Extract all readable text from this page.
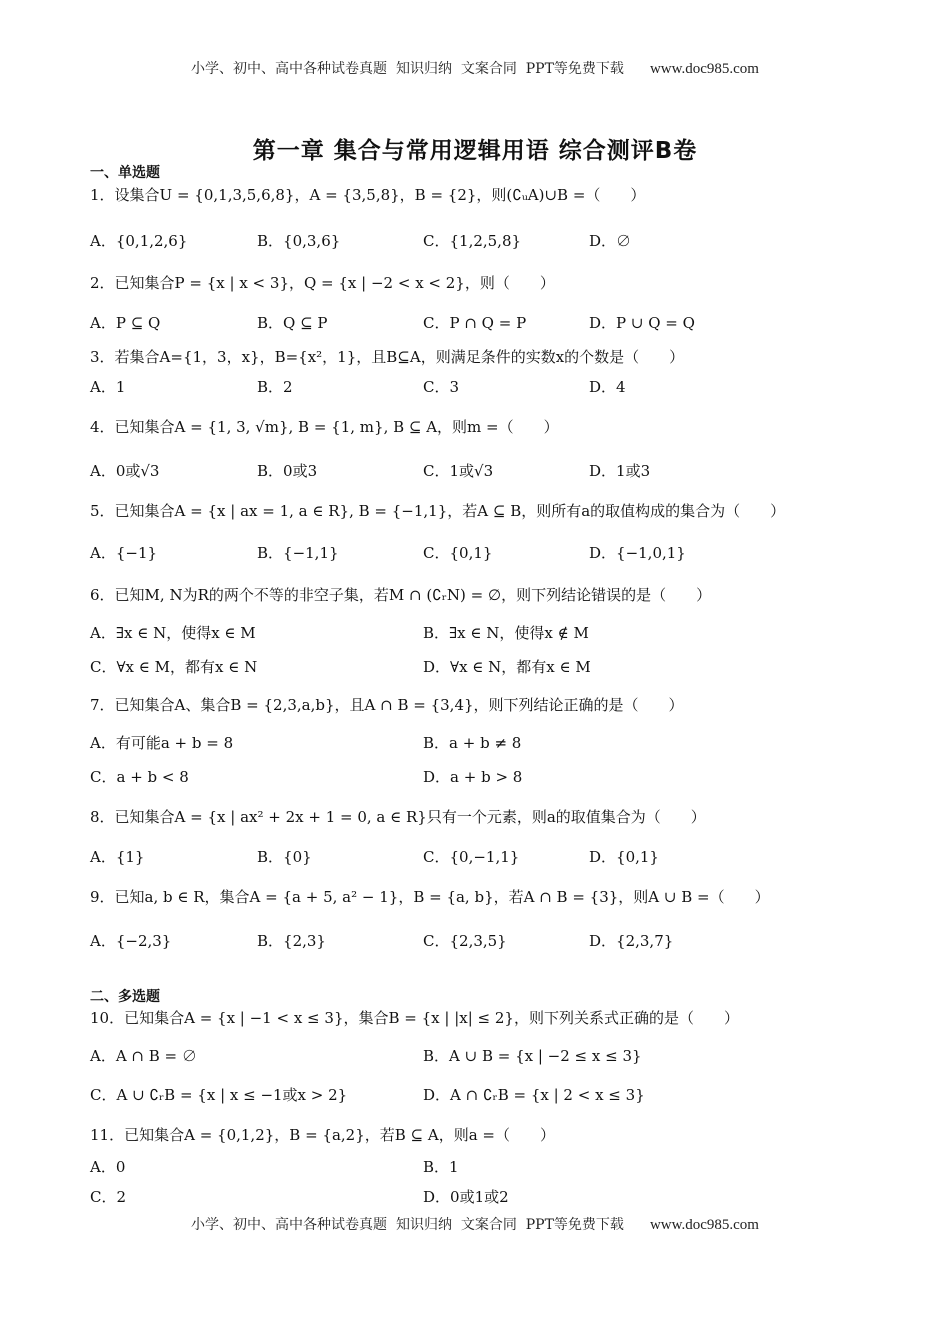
小学、初中、高中各种试卷真题  知识归纳  文案合同  PPT等免费下载 www.doc985.com
第一章 集合与常用逻辑用语 综合测评B卷
一、单选题
1．设集合U = {0,1,3,5,6,8}，A = {3,5,8}，B = {2}，则(∁ᵤA)∪B =（　　）
A．{0,1,2,6}	B．{0,3,6}	C．{1,2,5,8}	D．∅
2．已知集合P = {x | x < 3}，Q = {x | −2 < x < 2}，则（　　）
A．P ⊆ Q	B．Q ⊆ P	C．P ∩ Q = P	D．P ∪ Q = Q
3．若集合A={1，3，x}，B={x²，1}，且B⊆A，则满足条件的实数x的个数是（　　）
A．1	B．2	C．3	D．4
4．已知集合A = {1, 3, √m}, B = {1, m}, B ⊆ A，则m =（　　）
A．0或√3	B．0或3	C．1或√3	D．1或3
5．已知集合A = {x | ax = 1, a ∈ R}, B = {−1,1}，若A ⊆ B，则所有a的取值构成的集合为（　　）
A．{−1}	B．{−1,1}	C．{0,1}	D．{−1,0,1}
6．已知M, N为R的两个不等的非空子集，若M ∩ (∁ᵣN) = ∅，则下列结论错误的是（　　）
A．∃x ∈ N，使得x ∈ M	B．∃x ∈ N，使得x ∉ M
C．∀x ∈ M，都有x ∈ N	D．∀x ∈ N，都有x ∈ M
7．已知集合A、集合B = {2,3,a,b}，且A ∩ B = {3,4}，则下列结论正确的是（　　）
A．有可能a + b = 8	B．a + b ≠ 8
C．a + b < 8	D．a + b > 8
8．已知集合A = {x | ax² + 2x + 1 = 0, a ∈ R}只有一个元素，则a的取值集合为（　　）
A．{1}	B．{0}	C．{0,−1,1}	D．{0,1}
9．已知a, b ∈ R，集合A = {a + 5, a² − 1}，B = {a, b}，若A ∩ B = {3}，则A ∪ B =（　　）
A．{−2,3}	B．{2,3}	C．{2,3,5}	D．{2,3,7}
二、多选题
10．已知集合A = {x | −1 < x ≤ 3}，集合B = {x | |x| ≤ 2}，则下列关系式正确的是（　　）
A．A ∩ B = ∅	B．A ∪ B = {x | −2 ≤ x ≤ 3}
C．A ∪ ∁ᵣB = {x | x ≤ −1或x > 2}	D．A ∩ ∁ᵣB = {x | 2 < x ≤ 3}
11．已知集合A = {0,1,2}，B = {a,2}，若B ⊆ A，则a =（　　）
A．0	B．1
C．2	D．0或1或2
小学、初中、高中各种试卷真题  知识归纳  文案合同  PPT等免费下载 www.doc985.com
